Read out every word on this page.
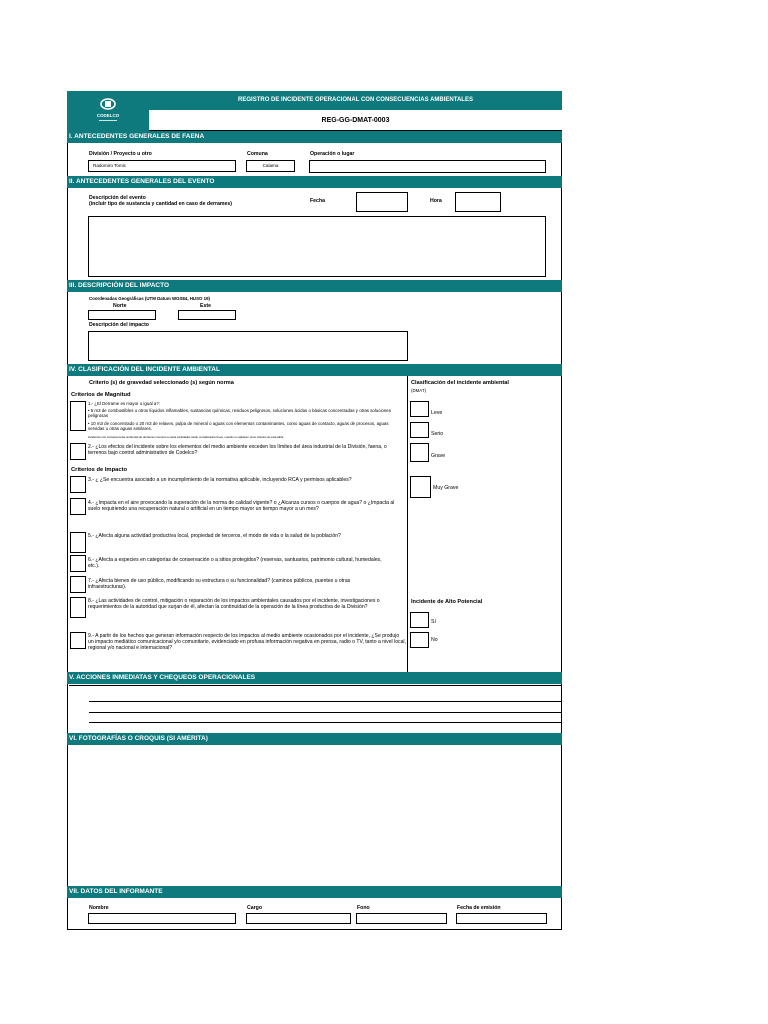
CODELCO
REGISTRO DE INCIDENTE OPERACIONAL CON CONSECUENCIAS AMBIENTALES
REG-GG-DMAT-0003
I. ANTECEDENTES GENERALES DE FAENA
División / Proyecto u otro
Radomiro Tomic
Comuna
Calama
Operación o lugar
II. ANTECEDENTES GENERALES DEL EVENTO
Descripción del evento
(incluir tipo de sustancia y cantidad en caso de derrames)	Fecha	Hora
III. DESCRIPCIÓN DEL IMPACTO
Coordenadas Geográficas (UTM Datum WGS84, HUSO 19)
Norte	Este
Descripción del impacto
IV. CLASIFICACIÓN DEL INCIDENTE AMBIENTAL
Criterio (s) de gravedad seleccionado (s) según norma	Clasificación del incidente ambiental
(DMAT)
Criterios de Magnitud
1.- ¿El Derrame es mayor o igual a?:
• 5 m3 de combustibles u otros líquidos inflamables, sustancias químicas, residuos peligrosos, soluciones ácidas o básicas concentradas y otras soluciones peligrosas
• 10 m3 de concentrado o 20 m3 de relaves, pulpa de mineral o aguas con elementos contaminantes, como aguas de contacto, aguas de procesos, aguas servidas u otras aguas similares.
Incidentes con consecuencias ambiental de derrames menores a estas cantidades serán considerados leves, cuando no apliquen otros criterios de esta tabla
2.- ¿Los efectos del incidente sobre los elementos del medio ambiente exceden los límites del área industrial de la División, faena, o terrenos bajo control administrativo de Codelco?
Criterios de Impacto
3.- ¿ ¿Se encuentra asociado a un incumplimiento de la normativa aplicable, incluyendo RCA y permisos aplicables?
4.- ¿Impacta en el aire provocando la superación de la norma de calidad vigente? o ¿Alcanza cursos o cuerpos de agua? o ¿Impacta al suelo requiriendo una recuperación natural o artificial en un tiempo mayor un tiempo mayor a un mes?
5.- ¿Afecta alguna actividad productiva local, propiedad de terceros, el modo de vida o la salud de la población?
6.- ¿Afecta a especies en categorías de conservación o a sitios protegidos? (reservas, santuarios, patrimonio cultural, humedales, etc.).
7.- ¿Afecta bienes de uso público, modificando su estructura o su funcionalidad? (caminos públicos, puentes u otras infraestructuras).
8.- ¿Las actividades de control, mitigación o reparación de los impactos ambientales causados por el incidente, investigaciones o requerimientos de la autoridad que surjan de él, afectan la continuidad de la operación de la línea productiva de la División?
9.- A partir de los hechos que generan información respecto de los impactos al medio ambiente ocasionados por el incidente, ¿Se produjo un impacto mediático comunicacional y/o comunitario, evidenciado en profusa información negativa en prensa, radio o TV, tanto a nivel local, regional y/o nacional e internacional?
Leve
Serio
Grave
Muy Grave
Incidente de Alto Potencial
Sí
No
V. ACCIONES INMEDIATAS Y CHEQUEOS OPERACIONALES
VI. FOTOGRAFÍAS O CROQUIS (SI AMERITA)
VII. DATOS DEL INFORMANTE
Nombre	Cargo	Fono	Fecha de emisión
